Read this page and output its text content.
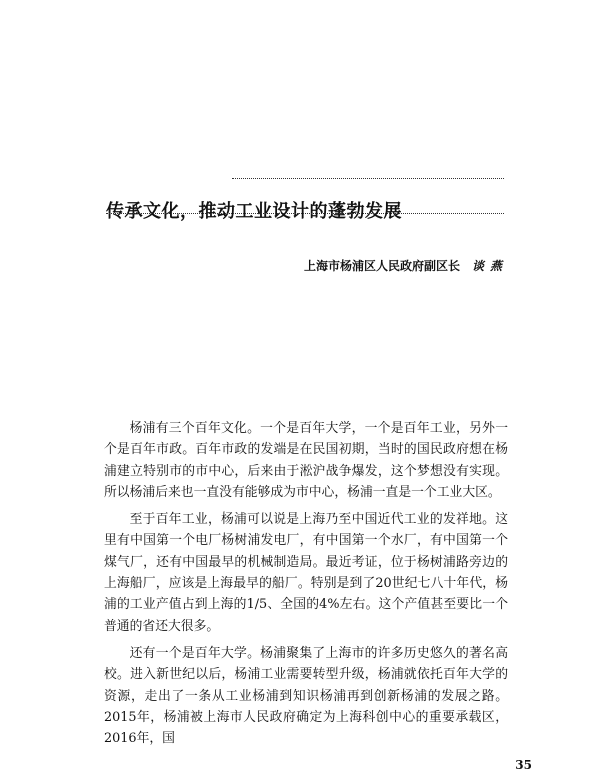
传承文化，推动工业设计的蓬勃发展
上海市杨浦区人民政府副区长 谈燕

杨浦有三个百年文化。一个是百年大学，一个是百年工业，另外一个是百年市政。百年市政的发端是在民国初期，当时的国民政府想在杨浦建立特别市的市中心，后来由于淞沪战争爆发，这个梦想没有实现。所以杨浦后来也一直没有能够成为市中心，杨浦一直是一个工业大区。

至于百年工业，杨浦可以说是上海乃至中国近代工业的发祥地。这里有中国第一个电厂杨树浦发电厂，有中国第一个水厂，有中国第一个煤气厂，还有中国最早的机械制造局。最近考证，位于杨树浦路旁边的上海船厂，应该是上海最早的船厂。特别是到了20世纪七八十年代，杨浦的工业产值占到上海的1/5、全国的4%左右。这个产值甚至要比一个普通的省还大很多。

还有一个是百年大学。杨浦聚集了上海市的许多历史悠久的著名高校。进入新世纪以后，杨浦工业需要转型升级，杨浦就依托百年大学的资源，走出了一条从工业杨浦到知识杨浦再到创新杨浦的发展之路。2015年，杨浦被上海市人民政府确定为上海科创中心的重要承载区，2016年，国

35
